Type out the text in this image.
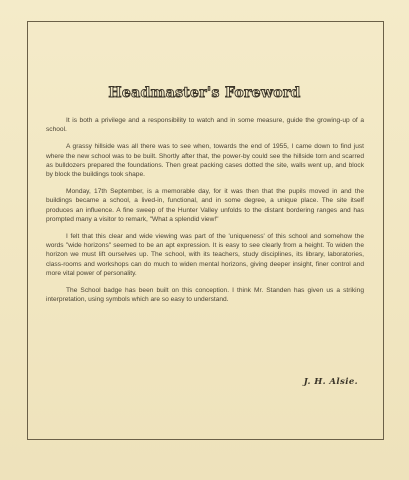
Headmaster's Foreword

It is both a privilege and a responsibility to watch and in some measure, guide the growing-up of a school.

A grassy hillside was all there was to see when, towards the end of 1955, I came down to find just where the new school was to be built. Shortly after that, the power-by could see the hillside torn and scarred as bulldozers prepared the foundations. Then great packing cases dotted the site, walls went up, and block by block the buildings took shape.

Monday, 17th September, is a memorable day, for it was then that the pupils moved in and the buildings became a school, a lived-in, functional, and in some degree, a unique place. The site itself produces an influence. A fine sweep of the Hunter Valley unfolds to the distant bordering ranges and has prompted many a visitor to remark, "What a splendid view!"

I felt that this clear and wide viewing was part of the 'uniqueness' of this school and somehow the words "wide horizons" seemed to be an apt expression. It is easy to see clearly from a height. To widen the horizon we must lift ourselves up. The school, with its teachers, study disciplines, its library, laboratories, class-rooms and workshops can do much to widen mental horizons, giving deeper insight, finer control and more vital power of personality.

The School badge has been built on this conception. I think Mr. Standen has given us a striking interpretation, using symbols which are so easy to understand.

J. H. Alsie.
